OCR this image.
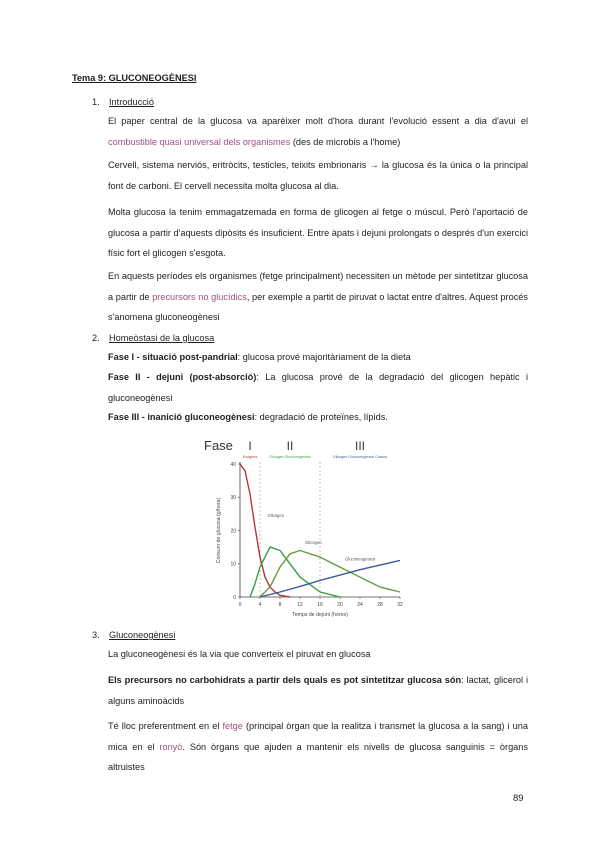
Tema 9: GLUCONEOGÈNESI
1. Introducció
El paper central de la glucosa va aparèixer molt d'hora durant l'evolució essent a dia d'avui el combustible quasi universal dels organismes (des de microbis a l'home)
Cervell, sistema nerviós, eritròcits, testicles, teixits embrionaris → la glucosa és la única o la principal font de carboni. El cervell necessita molta glucosa al dia.
Molta glucosa la tenim emmagatzemada en forma de glicogen al fetge o múscul. Però l'aportació de glucosa a partir d'aquests dipòsits és insuficient. Entre àpats i dejuni prolongats o després d'un exercici físic fort el glicogen s'esgota.
En aquests períodes els organismes (fetge principalment) necessiten un mètode per sintetitzar glucosa a partir de precursors no glucídics, per exemple a partit de piruvat o lactat entre d'altres. Aquest procés s'anomena gluconeogènesi
2. Homeòstasi de la glucosa
Fase I - situació post-pandrial: glucosa prové majoritàriament de la dieta
Fase II - dejuni (post-absorció): La glucosa prové de la degradació del glicogen hepàtic i gluconeogènesi
Fase III - inanició gluconeogènesi: degradació de proteïnes, lípids.
Fase I	II	III
Exògena	Glicogen Gluconeogènesi	Glicogen Gluconeogènesi Cossos
0	4	8	12	16	20	24	28	32
0
10
20
30
40
Temps de dejuni (hores)
Consum de glucosa (g/hora)	Glicogen
Glicogen
Gluconeogènesi
3. Gluconeogènesi
La gluconeogènesi és la via que converteix el piruvat en glucosa
Els precursors no carbohidrats a partir dels quals es pot sintetitzar glucosa són: lactat, glicerol i alguns aminoàcids
Té lloc preferentment en el fetge (principal òrgan que la realitza i transmet la glucosa a la sang) i una mica en el ronyó. Són òrgans que ajuden a mantenir els nivells de glucosa sanguinis = òrgans altruistes
89
